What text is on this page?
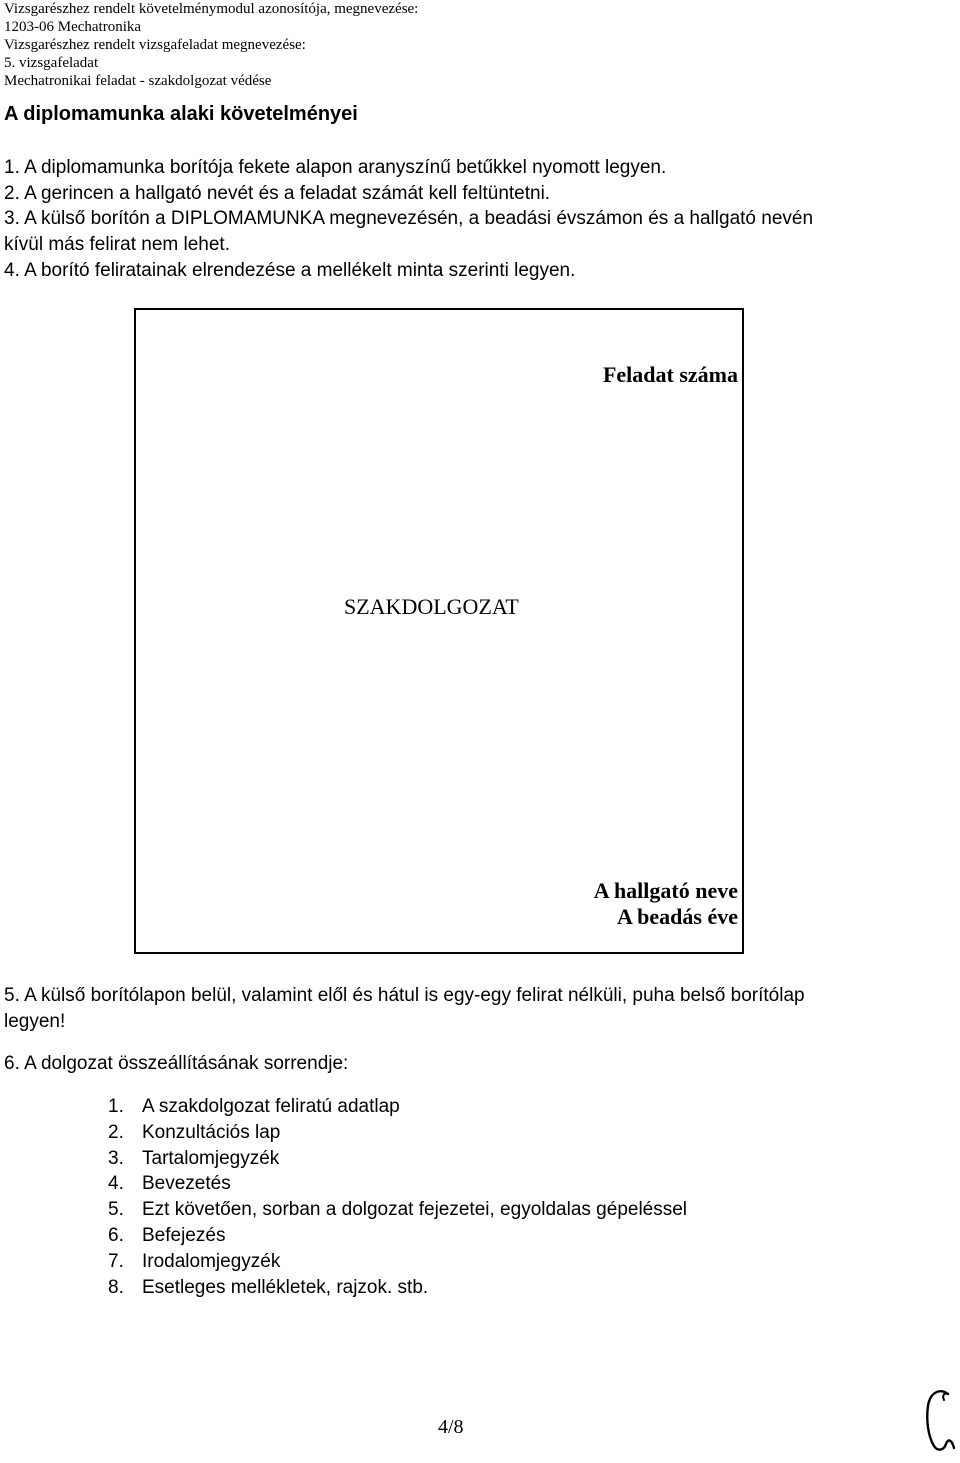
Vizsgarészhez rendelt követelménymodul azonosítója, megnevezése:
1203-06 Mechatronika
Vizsgarészhez rendelt vizsgafeladat megnevezése:
5. vizsgafeladat
Mechatronikai feladat - szakdolgozat védése
A diplomamunka alaki követelményei
1. A diplomamunka borítója fekete alapon aranyszínű betűkkel nyomott legyen.
2. A gerincen a hallgató nevét és a feladat számát kell feltüntetni.
3. A külső borítón a DIPLOMAMUNKA megnevezésén, a beadási évszámon és a hallgató nevén
kívül más felirat nem lehet.
4. A borító feliratainak elrendezése a mellékelt minta szerinti legyen.
Feladat száma
SZAKDOLGOZAT
A hallgató neve
A beadás éve
5. A külső borítólapon belül, valamint elől és hátul is egy-egy felirat nélküli, puha belső borítólap
legyen!
6. A dolgozat összeállításának sorrendje:
1. A szakdolgozat feliratú adatlap
2. Konzultációs lap
3. Tartalomjegyzék
4. Bevezetés
5. Ezt követően, sorban a dolgozat fejezetei, egyoldalas gépeléssel
6. Befejezés
7. Irodalomjegyzék
8. Esetleges mellékletek, rajzok. stb.
4/8
